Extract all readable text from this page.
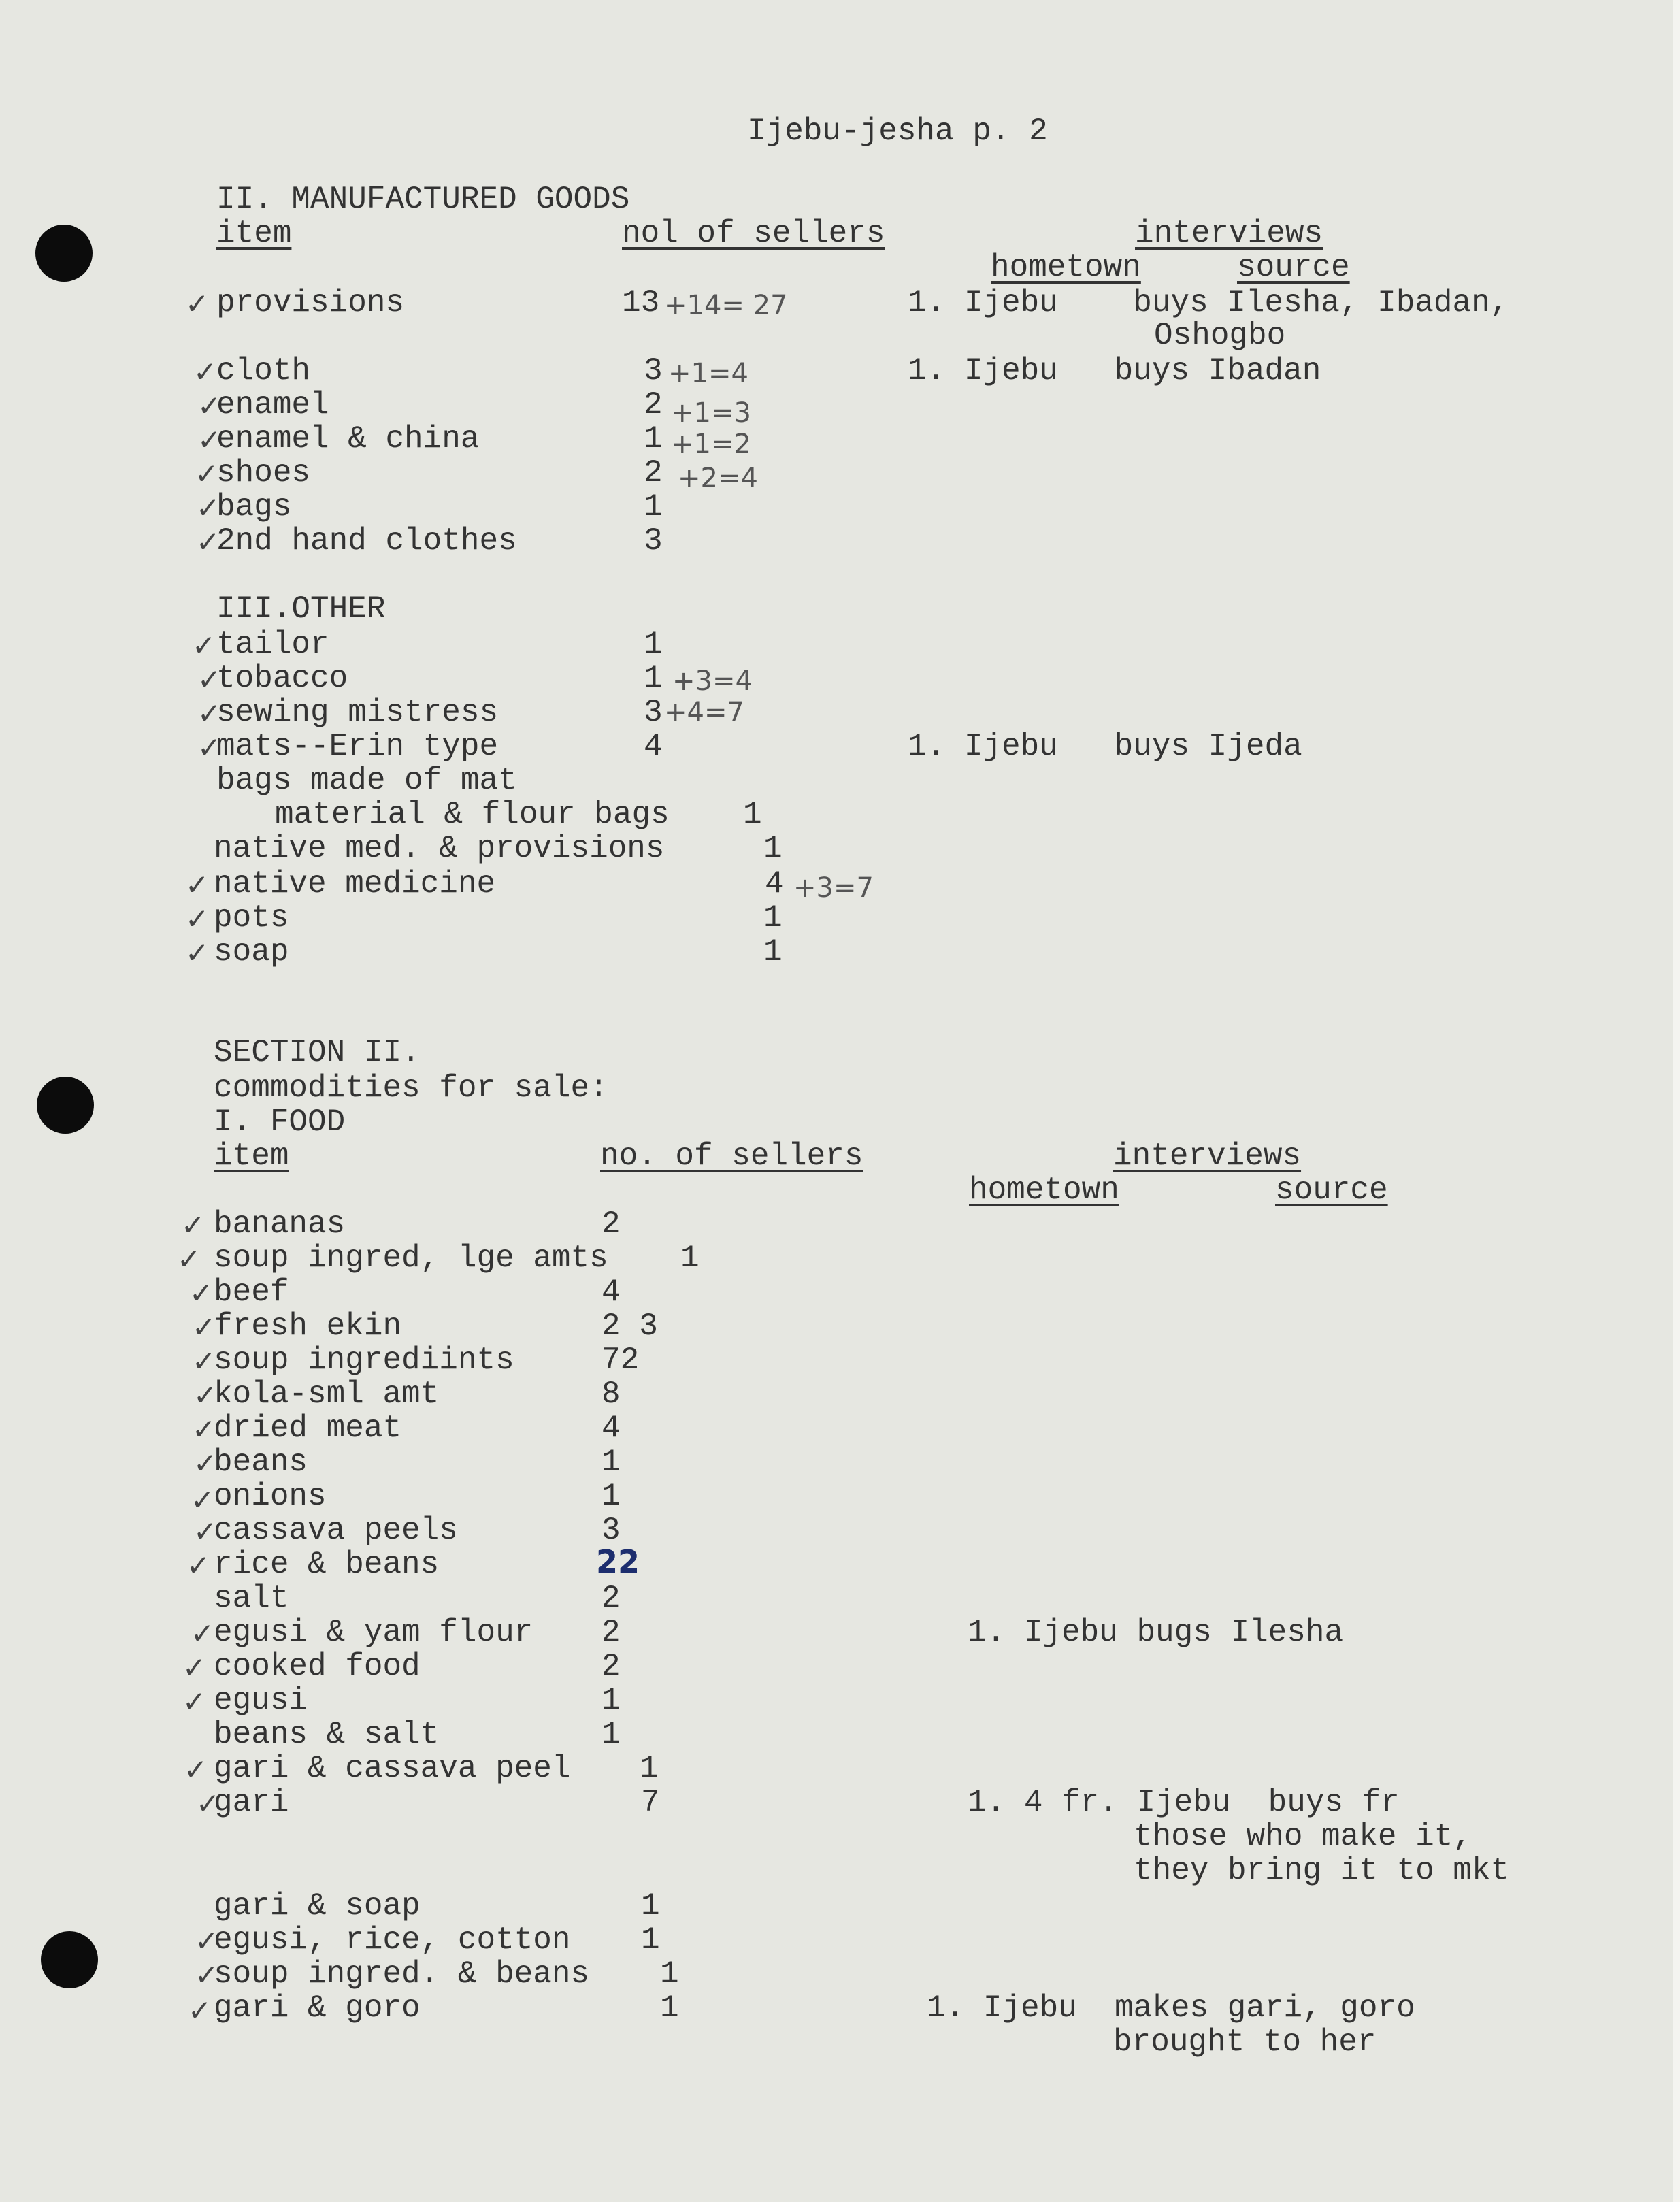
Ijebu-jesha p. 2
II. MANUFACTURED GOODS
item	nol of sellers	interviews
hometown	source
✓ provisions	13 +14= 27	1. Ijebu    buys Ilesha, Ibadan,
Oshogbo
✓
cloth	3 +1=4	1. Ijebu   buys Ibadan
✓
enamel	2 +1=3
✓
enamel & china	1 +1=2
✓
shoes	2 +2=4
✓
bags	1
✓
2nd hand clothes	3
III.OTHER
✓ tailor	1
✓
tobacco	1 +3=4
✓
sewing mistress	3 +4=7
✓
mats--Erin type	4	1. Ijebu   buys Ijeda
bags made of mat
material & flour bags 1
native med. & provisions	1
✓ native medicine	4 +3=7
✓ pots	1
✓ soap	1
SECTION II.
commodities for sale:
I. FOOD
item	no. of sellers	interviews
hometown	source
✓ bananas	2
✓ soup ingred, lge amts 1
✓ beef	4
✓
fresh ekin	2 3
✓
soup ingrediints	72
✓
kola-sml amt	8
✓
dried meat	4
✓
beans	1
✓
onions	1
✓
cassava peels	3
✓ rice & beans	22
salt	2
✓
egusi & yam flour 2	1. Ijebu bugs Ilesha
✓ cooked food	2
✓ egusi	1
beans & salt	1
✓ gari & cassava peel 1
✓
gari	7	1. 4 fr. Ijebu  buys fr
those who make it,
they bring it to mkt
gari & soap	1
✓
egusi, rice, cotton 1
✓
soup ingred. & beans 1
✓ gari & goro	1	1. Ijebu  makes gari, goro
brought to her
